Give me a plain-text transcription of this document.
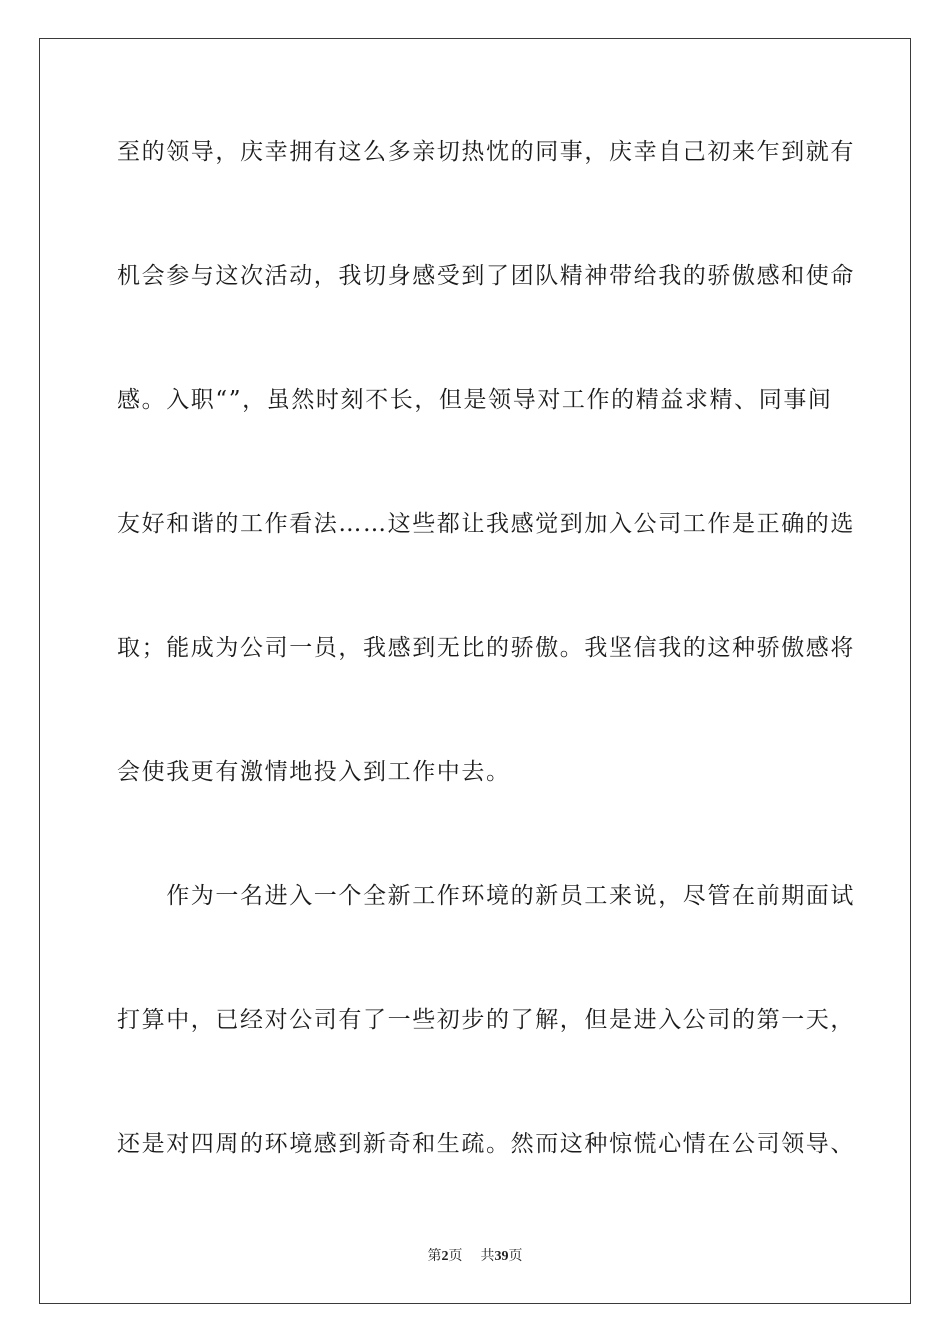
至的领导，庆幸拥有这么多亲切热忱的同事，庆幸自己初来乍到就有
机会参与这次活动，我切身感受到了团队精神带给我的骄傲感和使命
感。入职“”，虽然时刻不长，但是领导对工作的精益求精、同事间
友好和谐的工作看法……这些都让我感觉到加入公司工作是正确的选
取；能成为公司一员，我感到无比的骄傲。我坚信我的这种骄傲感将
会使我更有激情地投入到工作中去。
　　作为一名进入一个全新工作环境的新员工来说，尽管在前期面试
打算中，已经对公司有了一些初步的了解，但是进入公司的第一天，
还是对四周的环境感到新奇和生疏。然而这种惊慌心情在公司领导、
第2页 共39页
